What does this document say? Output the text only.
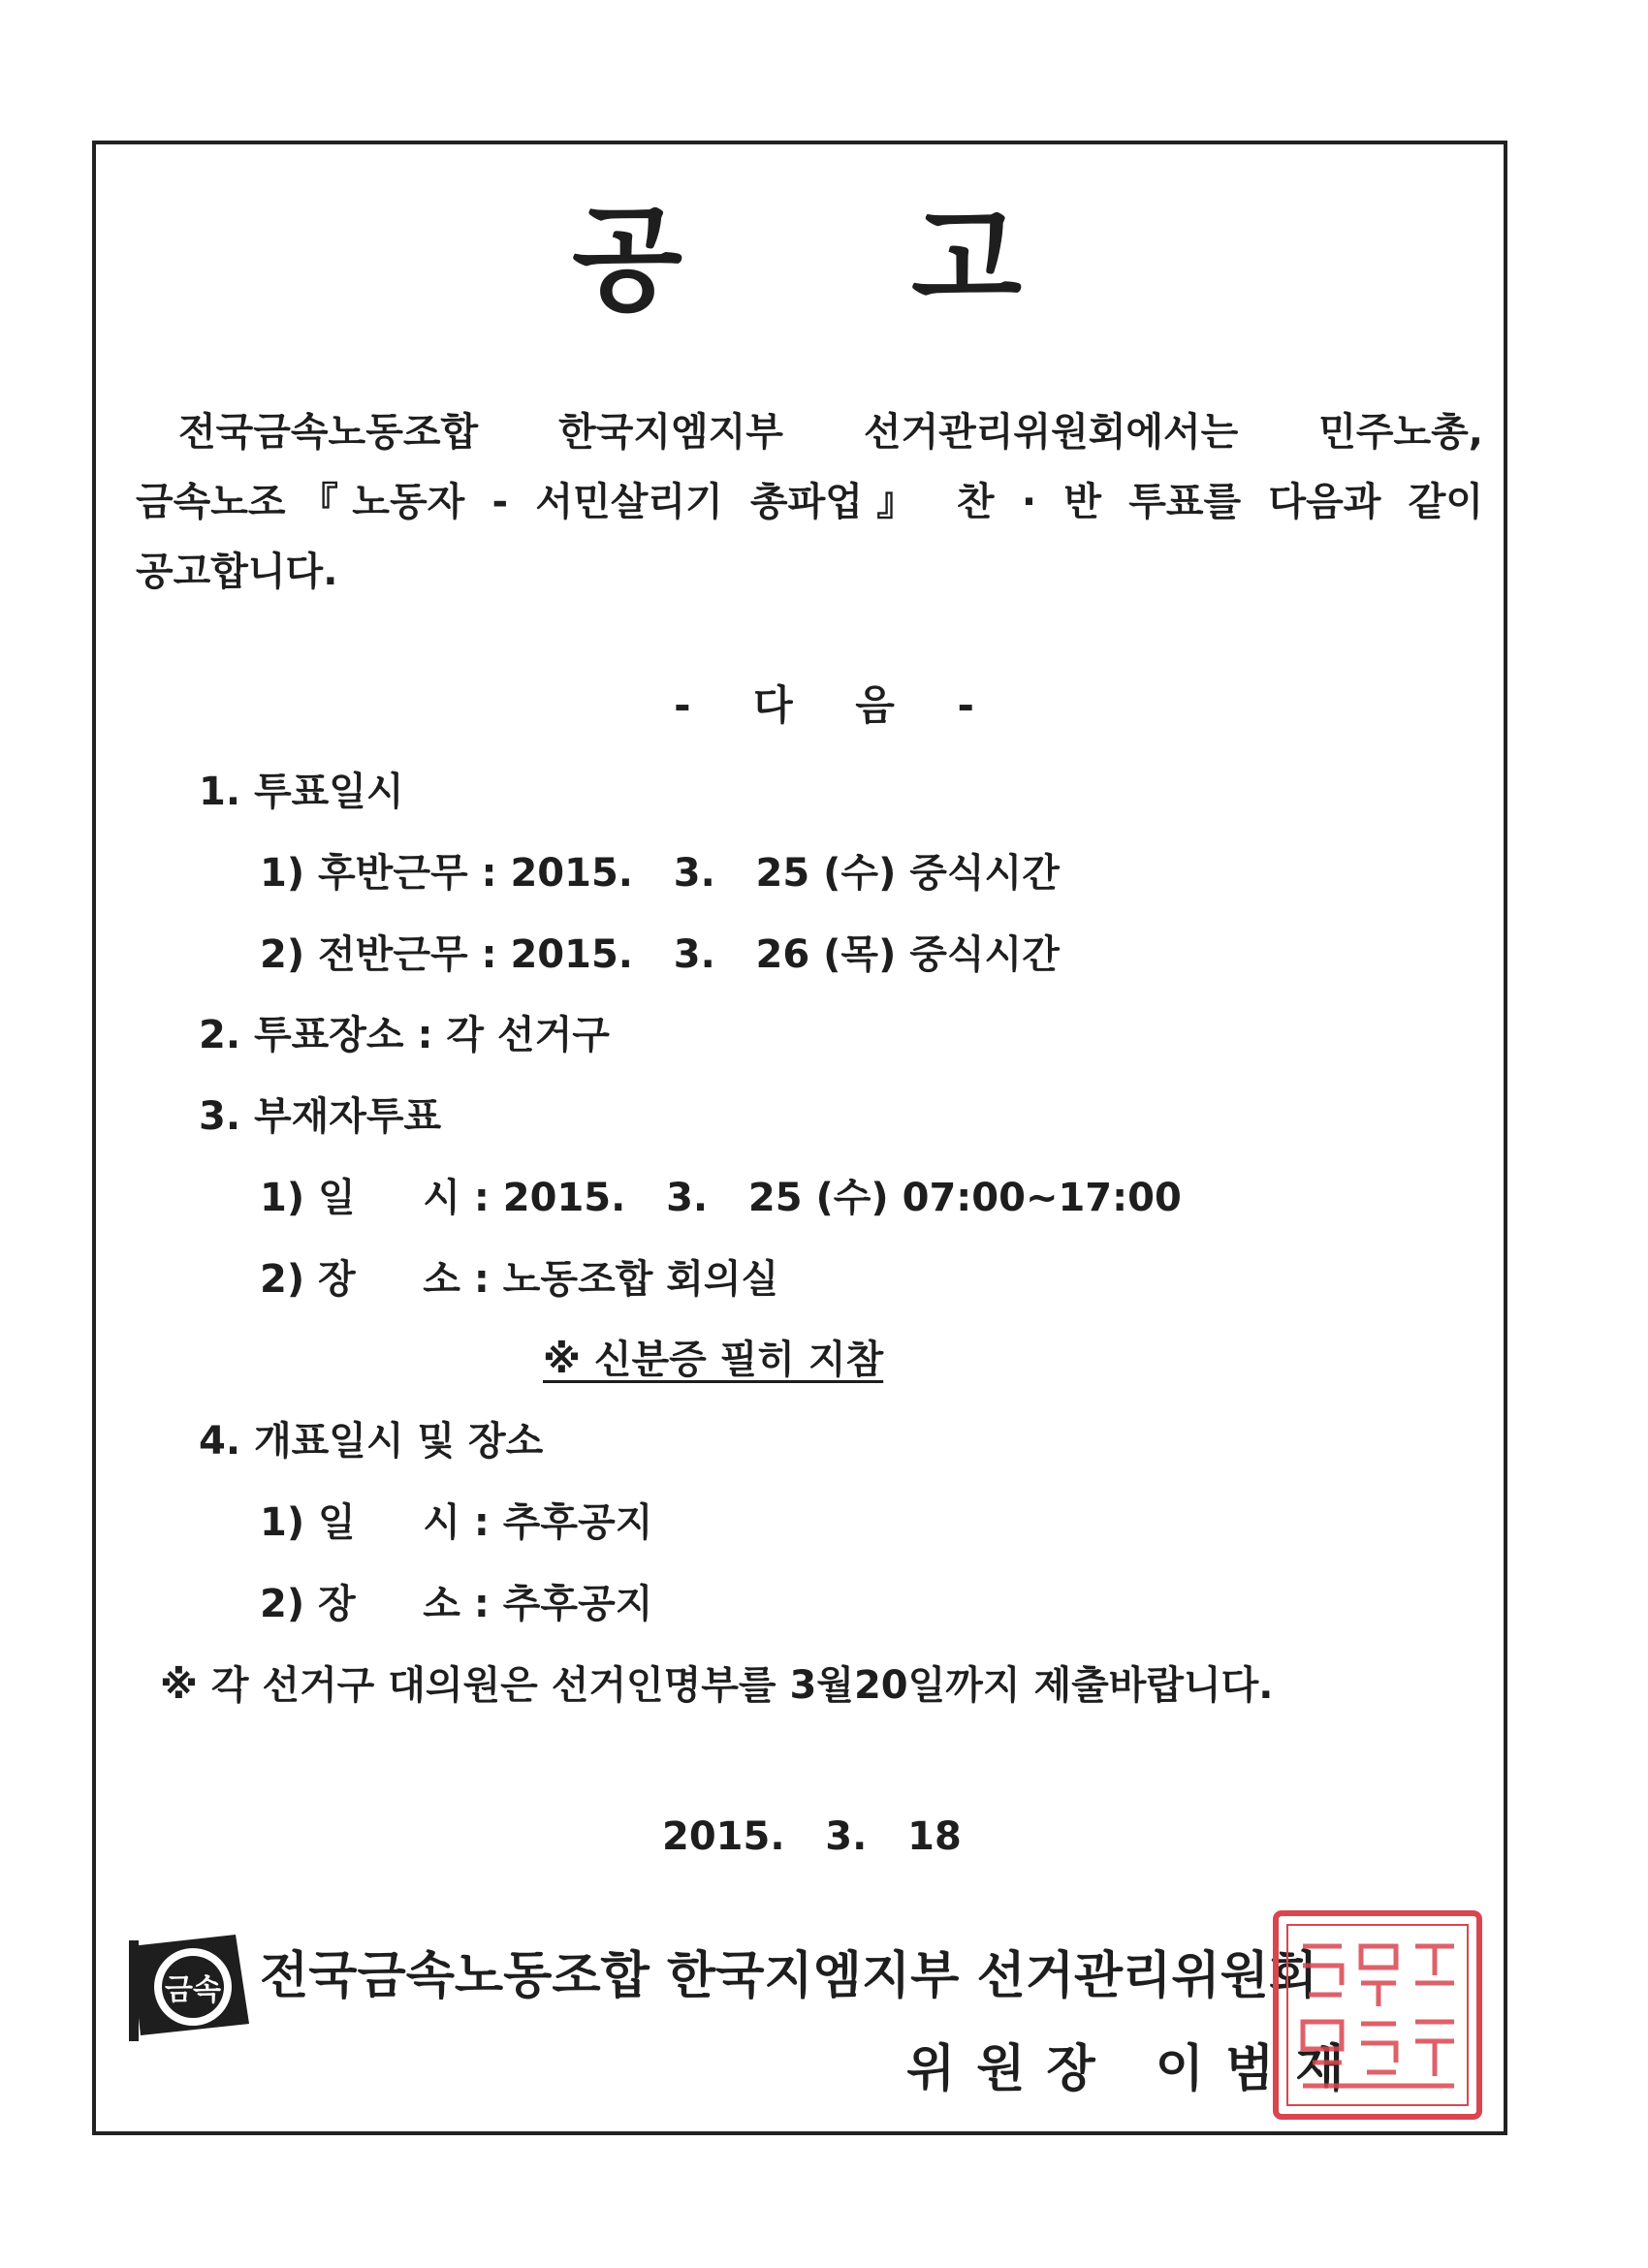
공 고
전국금속노동조합 한국지엠지부 선거관리위원회에서는 민주노총,
금속노조『노동자 - 서민살리기 총파업』 찬 · 반 투표를 다음과 같이
공고합니다.
- 다 음 -
1. 투표일시
1) 후반근무 : 2015.   3.   25 (수) 중식시간
2) 전반근무 : 2015.   3.   26 (목) 중식시간
2. 투표장소 : 각 선거구
3. 부재자투표
1) 일     시 : 2015.   3.   25 (수) 07:00~17:00
2) 장     소 : 노동조합 회의실
※ 신분증 필히 지참
4. 개표일시 및 장소
1) 일     시 : 추후공지
2) 장     소 : 추후공지
※ 각 선거구 대의원은 선거인명부를 3월20일까지 제출바랍니다.
2015.   3.   18
금속 전국금속노동조합 한국지엠지부 선거관리위원회
위원장 이범재
